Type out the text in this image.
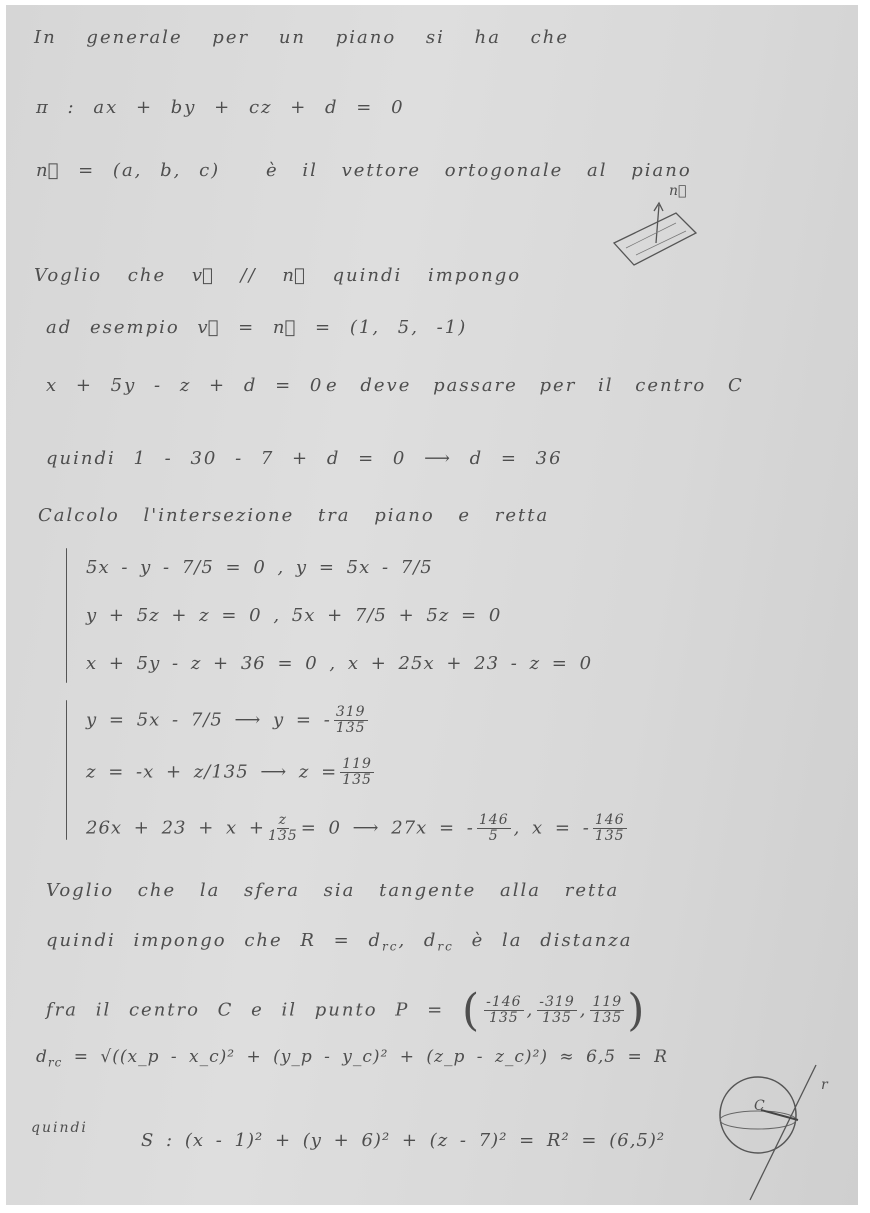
In generale per un piano si ha che
π : ax + by + cz + d = 0
n⃗ = (a, b, c)	è il vettore ortogonale al piano
n⃗
Voglio che v⃗ // n⃗ quindi impongo
ad esempio v⃗ = n⃗ = (1, 5, -1)
x + 5y - z + d = 0 e deve passare per il centro C
quindi 1 - 30 - 7 + d = 0 ⟶ d = 36
Calcolo l'intersezione tra piano e retta
5x - y - 7/5 = 0 , y = 5x - 7/5
y + 5z + z = 0 , 5x + 7/5 + 5z = 0
x + 5y - z + 36 = 0 , x + 25x + 23 - z = 0
y = 5x - 7/5 ⟶ y = - $\frac{319}{135}$
z = -x + z/135 ⟶ $z = \frac{119}{135}$
$26x + 23 + x + \frac{z}{135} = 0$ ⟶ 27x = - $\frac{146}{5}$ , x = - $\frac{146}{135}$
Voglio che la sfera sia tangente alla retta
quindi impongo che $R = d_{rc}$, $d_{rc}$ è la distanza
fra il centro C e il punto P = ( $\frac{-146}{135}$ , $\frac{-319}{135}$ , $\frac{119}{135}$ )
$d_{rc}$ = √((x_p - x_c)² + (y_p - y_c)² + (z_p - z_c)²) ≈ 6,5 = R
quindi
S : (x - 1)² + (y + 6)² + (z - 7)² = R² = (6,5)²
C
r
